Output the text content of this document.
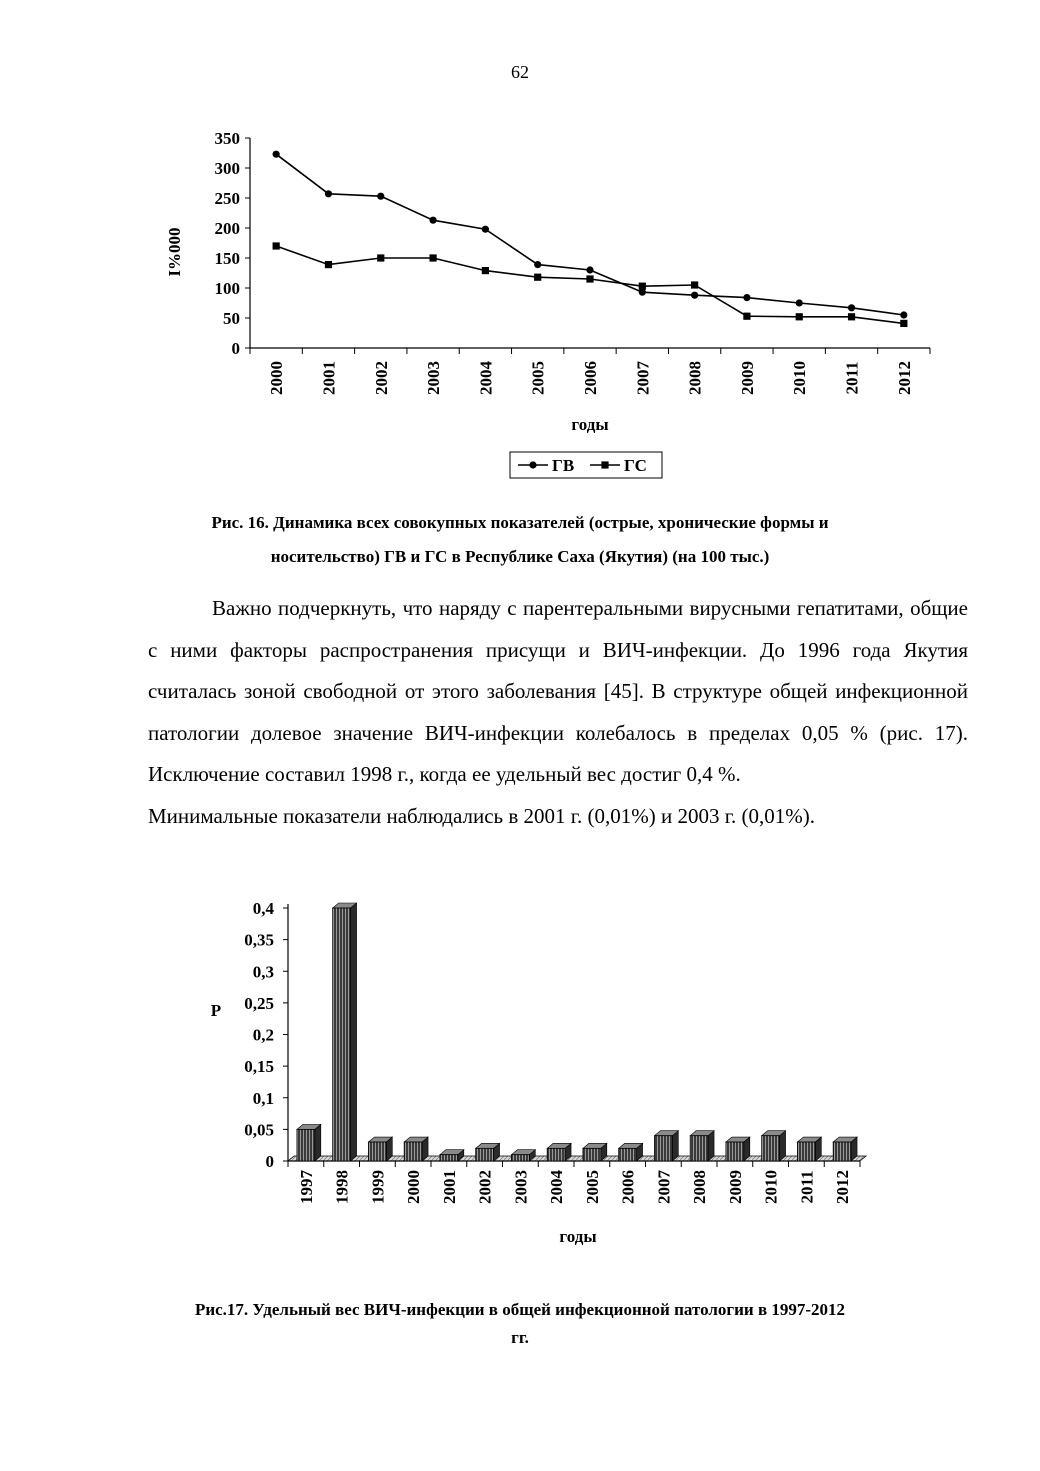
62
0
50
100
150
200
250
300
350
2000 2001 2002 2003 2004 2005 2006 2007 2008 2009 2010 2011 2012
I%000
годы
ГВ	ГС
Рис. 16. Динамика всех совокупных показателей (острые, хронические формы и
носительство) ГВ и ГС в Республике Саха (Якутия) (на 100 тыс.)

Важно подчеркнуть, что наряду с парентеральными вирусными гепатитами, общие с ними факторы распространения присущи и ВИЧ-инфекции. До 1996 года Якутия считалась зоной свободной от этого заболевания [45]. В структуре общей инфекционной патологии долевое значение ВИЧ-инфекции колебалось в пределах 0,05 % (рис. 17). Исключение составил 1998 г., когда ее удельный вес достиг 0,4 %.

Минимальные показатели наблюдались в 2001 г. (0,01%) и 2003 г. (0,01%).

0
0,05
0,1
0,15
0,2
0,25
0,3
0,35
0,4
1997 1998 1999 2000 2001 2002 2003 2004 2005 2006 2007 2008 2009 2010 2011 2012
P
годы
Рис.17. Удельный вес ВИЧ-инфекции в общей инфекционной патологии в 1997-2012
гг.
